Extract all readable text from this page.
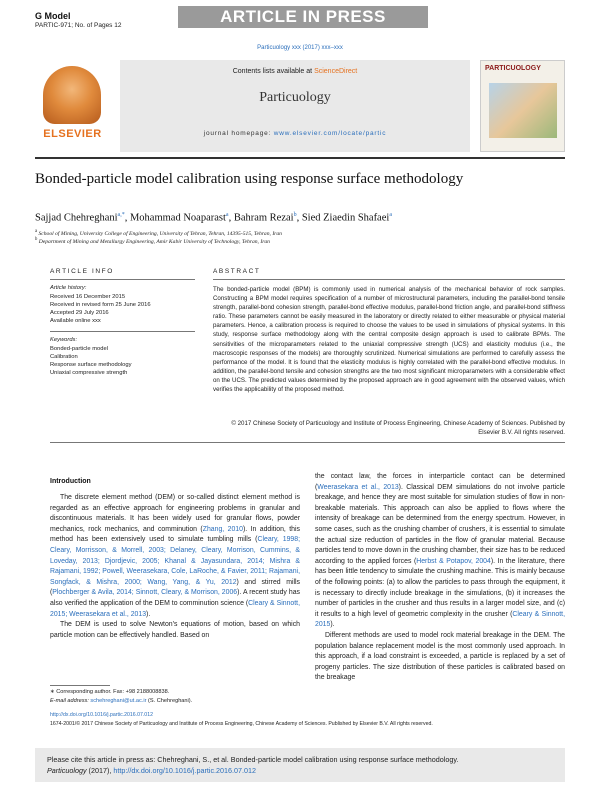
G Model
PARTIC-971; No. of Pages 12	ARTICLE IN PRESS
Particuology xxx (2017) xxx–xxx
ELSEVIER
Contents lists available at ScienceDirect
Particuology
journal homepage: www.elsevier.com/locate/partic
PARTICUOLOGY
Bonded-particle model calibration using response surface methodology
Sajjad Chehreghani$^{a,*}$, Mohammad Noaparast$^a$, Bahram Rezai$^b$, Sied Ziaedin Shafaei$^a$
$^a$ School of Mining, University College of Engineering, University of Tehran, Tehran, 14395-515, Tehran, Iran
$^b$ Department of Mining and Metallurgy Engineering, Amir Kabir University of Technology, Tehran, Iran
ARTICLE INFO
Article history:
Received 16 December 2015
Received in revised form 25 June 2016
Accepted 29 July 2016
Available online xxx
Keywords:
Bonded-particle model
Calibration
Response surface methodology
Uniaxial compressive strength
ABSTRACT
The bonded-particle model (BPM) is commonly used in numerical analysis of the mechanical behavior of rock samples. Constructing a BPM model requires specification of a number of microstructural parameters, including the parallel-bond tensile strength, parallel-bond cohesion strength, parallel-bond effective modulus, parallel-bond friction angle, and parallel-bond stiffness ratio. These parameters cannot be easily measured in the laboratory or directly related to either measurable or physical material parameters. Hence, a calibration process is required to choose the values to be used in simulations of physical systems. In this study, response surface methodology along with the central composite design approach is used to calibrate BPMs. The sensitivities of the microparameters related to the uniaxial compressive strength (UCS) and elasticity modulus (i.e., the macroscopic responses of the models) are thoroughly scrutinized. Numerical simulations are performed to carefully assess the performance of the model. It is found that the elasticity modulus is highly correlated with the parallel-bond effective modulus. In addition, the parallel-bond tensile and cohesion strengths are the two most significant microparameters with a considerable effect on the UCS. The predicted values determined by the proposed approach are in good agreement with the observed values, which verifies the applicability of the proposed method.
© 2017 Chinese Society of Particuology and Institute of Process Engineering, Chinese Academy of Sciences. Published by Elsevier B.V. All rights reserved.
Introduction

The discrete element method (DEM) or so-called distinct element method is regarded as an effective approach for engineering problems in granular and discontinuous materials. It has been widely used for granular flows, powder mechanics, rock mechanics, and comminution (Zhang, 2010). In addition, this method has been extensively used to simulate tumbling mills (Cleary, 1998; Cleary, Morrisson, & Morrell, 2003; Delaney, Cleary, Morrison, Cummins, & Loveday, 2013; Djordjevic, 2005; Khanal & Jayasundara, 2014; Mishra & Rajamani, 1992; Powell, Weerasekara, Cole, LaRoche, & Favier, 2011; Rajamani, Songfack, & Mishra, 2000; Wang, Yang, & Yu, 2012) and stirred mills (Plochberger & Avila, 2014; Sinnott, Cleary, & Morrison, 2006). A recent study has also verified the application of the DEM to comminution science (Cleary & Sinnott, 2015; Weerasekara et al., 2013).

The DEM is used to solve Newton's equations of motion, based on which particle motion can be effectively handled. Based on

the contact law, the forces in interparticle contact can be determined (Weerasekara et al., 2013). Classical DEM simulations do not involve particle breakage, and hence they are most suitable for simulation studies of flow in non-breakable materials. This approach can also be applied to flows where the intensity of breakage can be determined from the energy spectrum. However, in some cases, such as the crushing chamber of crushers, it is essential to simulate the actual size reduction of particles in the flow of granular material. Because particles tend to move down in the crushing chamber, their size has to be reduced according to the applied forces (Herbst & Potapov, 2004). In the literature, there has been little tendency to simulate the crushing machine. This is mainly because of the following points: (a) to allow the particles to pass through the equipment, it is necessary to directly include breakage in the simulations, (b) it increases the number of particles in the crusher and thus results in a larger model size, and (c) it results to a high level of geometric complexity in the crusher (Cleary & Sinnott, 2015).

Different methods are used to model rock material breakage in the DEM. The population balance replacement model is the most commonly used approach. In this approach, if a load constraint is exceeded, a particle is replaced by a set of progeny particles. The size distribution of these particles is calibrated based on the breakage

∗ Corresponding author. Fax: +98 2188008838.
E-mail address: schehreghani@ut.ac.ir (S. Chehreghani).
http://dx.doi.org/10.1016/j.partic.2016.07.012
1674-2001/© 2017 Chinese Society of Particuology and Institute of Process Engineering, Chinese Academy of Sciences. Published by Elsevier B.V. All rights reserved.
Please cite this article in press as: Chehreghani, S., et al. Bonded-particle model calibration using response surface methodology.
Particuology (2017), http://dx.doi.org/10.1016/j.partic.2016.07.012
